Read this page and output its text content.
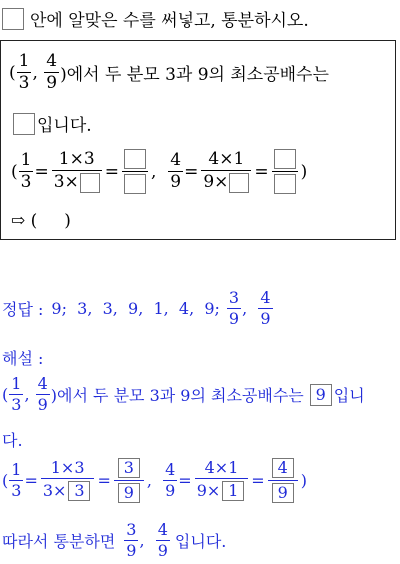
안에 알맞은 수를 써넣고, 통분하시오.
( $\frac{1}{3}$ , $\frac{4}{9}$ )에서 두 분모 3과 9의 최소공배수는
입니다.
( $\frac{1}{3} = \frac{1\times 3}{3\times}$ = , $\frac{4}{9} = \frac{4\times 1}{9\times}$ = )
⇨ (     )
정답 : 9;  3,  3,  9,  1,  4,  9; $\frac{3}{9}$ , $\frac{4}{9}$
해설 :
( $\frac{1}{3}$ , $\frac{4}{9}$ )에서 두 분모 3과 9의 최소공배수는 9 입니
다.
( $\frac{1}{3} = \frac{1\times 3}{3\times 3} = \frac{3}{9}$ , $\frac{4}{9} = \frac{4\times 1}{9\times 1} = \frac{4}{9}$ )
따라서 통분하면 $\frac{3}{9}$ , $\frac{4}{9}$ 입니다.
